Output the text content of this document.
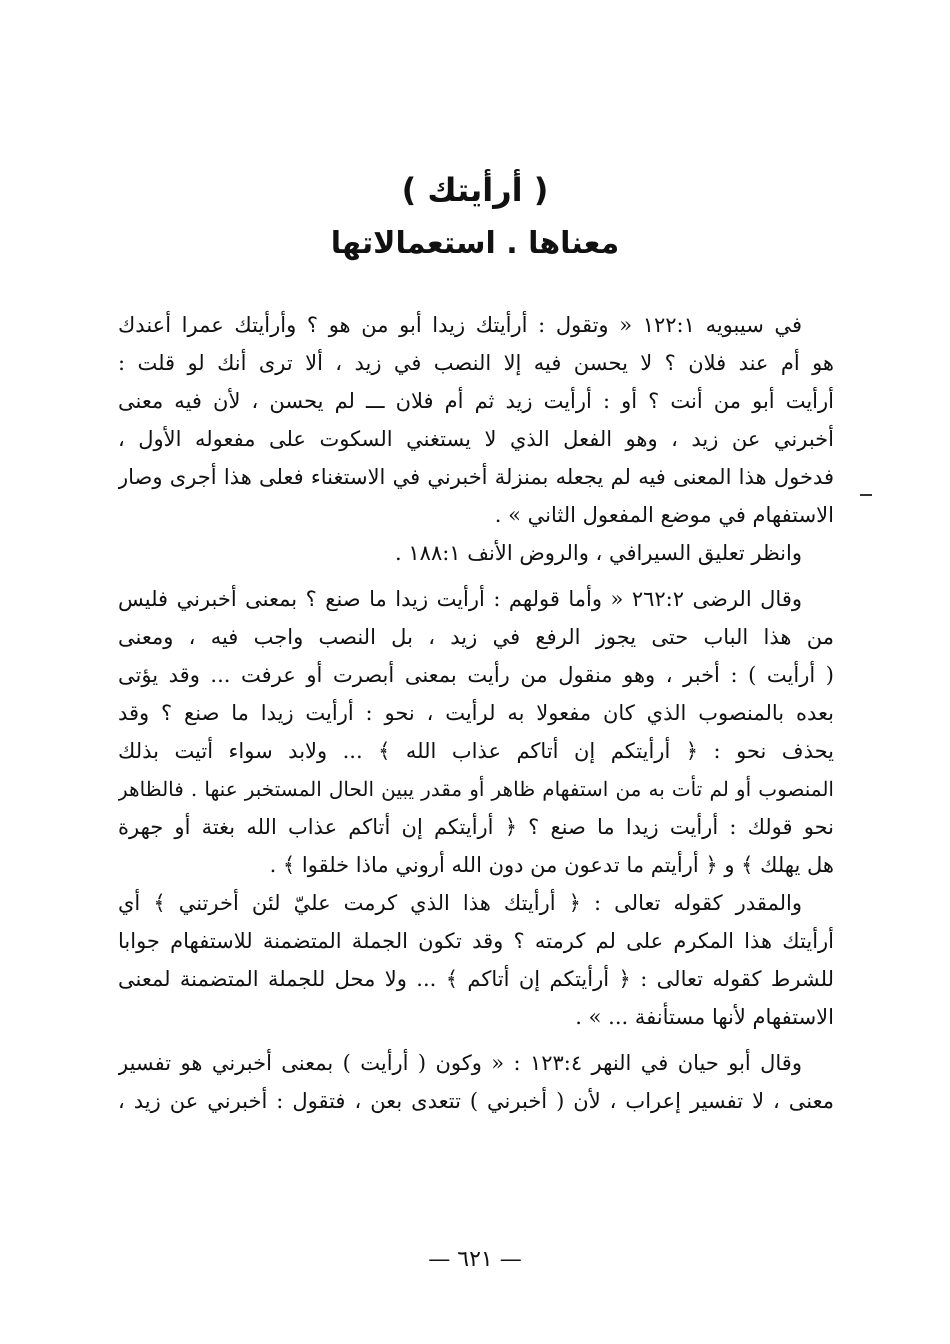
( أرأيتك )
معناها . استعمالاتها
في سيبويه ١٢٢:١ « وتقول : أرأيتك زيدا أبو من هو ؟ وأرأيتك عمرا أعندك
هو أم عند فلان ؟ لا يحسن فيه إلا النصب في زيد ، ألا ترى أنك لو قلت :
أرأيت أبو من أنت ؟ أو : أرأيت زيد ثم أم فلان ـــ لم يحسن ، لأن فيه معنى
أخبرني عن زيد ، وهو الفعل الذي لا يستغني السكوت على مفعوله الأول ،
فدخول هذا المعنى فيه لم يجعله بمنزلة أخبرني في الاستغناء فعلى هذا أجرى وصار
الاستفهام في موضع المفعول الثاني » .
وانظر تعليق السيرافي ، والروض الأنف ١٨٨:١ .
وقال الرضى ٢٦٢:٢ « وأما قولهم : أرأيت زيدا ما صنع ؟ بمعنى أخبرني فليس
من هذا الباب حتى يجوز الرفع في زيد ، بل النصب واجب فيه ، ومعنى
( أرأيت ) : أخبر ، وهو منقول من رأيت بمعنى أبصرت أو عرفت ... وقد يؤتى
بعده بالمنصوب الذي كان مفعولا به لرأيت ، نحو : أرأيت زيدا ما صنع ؟ وقد
يحذف نحو : ﴿ أرأيتكم إن أتاكم عذاب الله ﴾ ... ولابد سواء أتيت بذلك
المنصوب أو لم تأت به من استفهام ظاهر أو مقدر يبين الحال المستخبر عنها . فالظاهر
نحو قولك : أرأيت زيدا ما صنع ؟ ﴿ أرأيتكم إن أتاكم عذاب الله بغتة أو جهرة
هل يهلك ﴾ و ﴿ أرأيتم ما تدعون من دون الله أروني ماذا خلقوا ﴾ .
والمقدر كقوله تعالى : ﴿ أرأيتك هذا الذي كرمت عليّ لئن أخرتني ﴾ أي
أرأيتك هذا المكرم على لم كرمته ؟ وقد تكون الجملة المتضمنة للاستفهام جوابا
للشرط كقوله تعالى : ﴿ أرأيتكم إن أتاكم ﴾ ... ولا محل للجملة المتضمنة لمعنى
الاستفهام لأنها مستأنفة ... » .
وقال أبو حيان في النهر ١٢٣:٤ : « وكون ( أرأيت ) بمعنى أخبرني هو تفسير
معنى ، لا تفسير إعراب ، لأن ( أخبرني ) تتعدى بعن ، فتقول : أخبرني عن زيد ،
— ٦٢١ —
